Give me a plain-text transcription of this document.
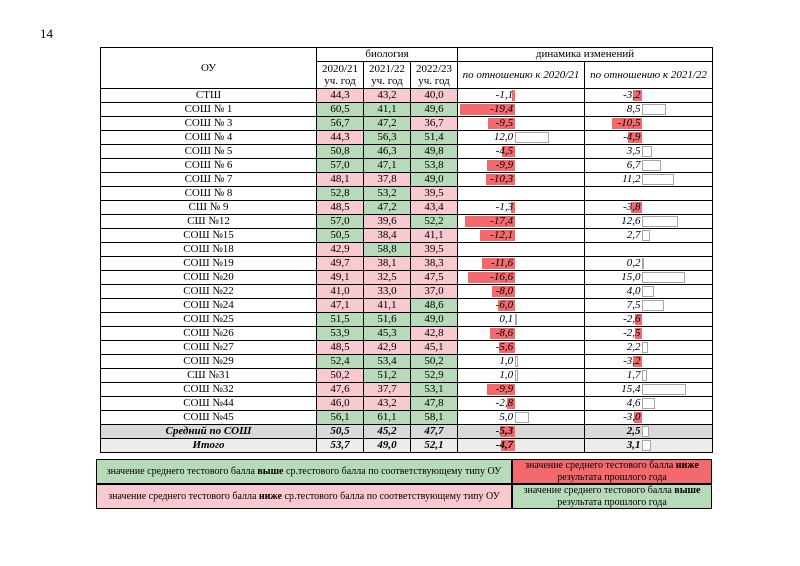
14
ОУ	биология			динамика изменений	
	2020/21 уч. год	2021/22 уч. год	2022/23 уч. год	по отношению к 2020/21	по отношению к 2021/22
СТШ	44,3	43,2	40,0	-1,1	-3,2

СОШ № 1	60,5	41,1	49,6	-19,4	8,5

СОШ № 3	56,7	47,2	36,7	-9,5	-10,5

СОШ № 4	44,3	56,3	51,4	12,0	-4,9

СОШ № 5	50,8	46,3	49,8	-4,5	3,5

СОШ № 6	57,0	47,1	53,8	-9,9	6,7

СОШ № 7	48,1	37,8	49,0	-10,3	11,2

СОШ № 8	52,8	53,2	39,5		
СШ № 9	48,5	47,2	43,4	-1,3	-3,8

СШ №12	57,0	39,6	52,2	-17,4	12,6

СОШ №15	50,5	38,4	41,1	-12,1	2,7

СОШ №18	42,9	58,8	39,5		
СОШ №19	49,7	38,1	38,3	-11,6	0,2

СОШ №20	49,1	32,5	47,5	-16,6	15,0

СОШ №22	41,0	33,0	37,0	-8,0	4,0

СОШ №24	47,1	41,1	48,6	-6,0	7,5

СОШ №25	51,5	51,6	49,0	0,1	-2,6

СОШ №26	53,9	45,3	42,8	-8,6	-2,5

СОШ №27	48,5	42,9	45,1	-5,6	2,2

СОШ №29	52,4	53,4	50,2	1,0	-3,2

СШ №31	50,2	51,2	52,9	1,0	1,7

СОШ №32	47,6	37,7	53,1	-9,9	15,4

СОШ №44	46,0	43,2	47,8	-2,8	4,6

СОШ №45	56,1	61,1	58,1	5,0	-3,0

Средний по СОШ	50,5	45,2	47,7	-5,3	2,5

Итого	53,7	49,0	52,1	-4,7	3,1
значение среднего тестового балла выше ср.тестового балла по соответствующему типу ОУ
значение среднего тестового балла ниже результата прошлого года
значение среднего тестового балла ниже ср.тестового балла по соответствующему типу ОУ
значение среднего тестового балла выше результата прошлого года
